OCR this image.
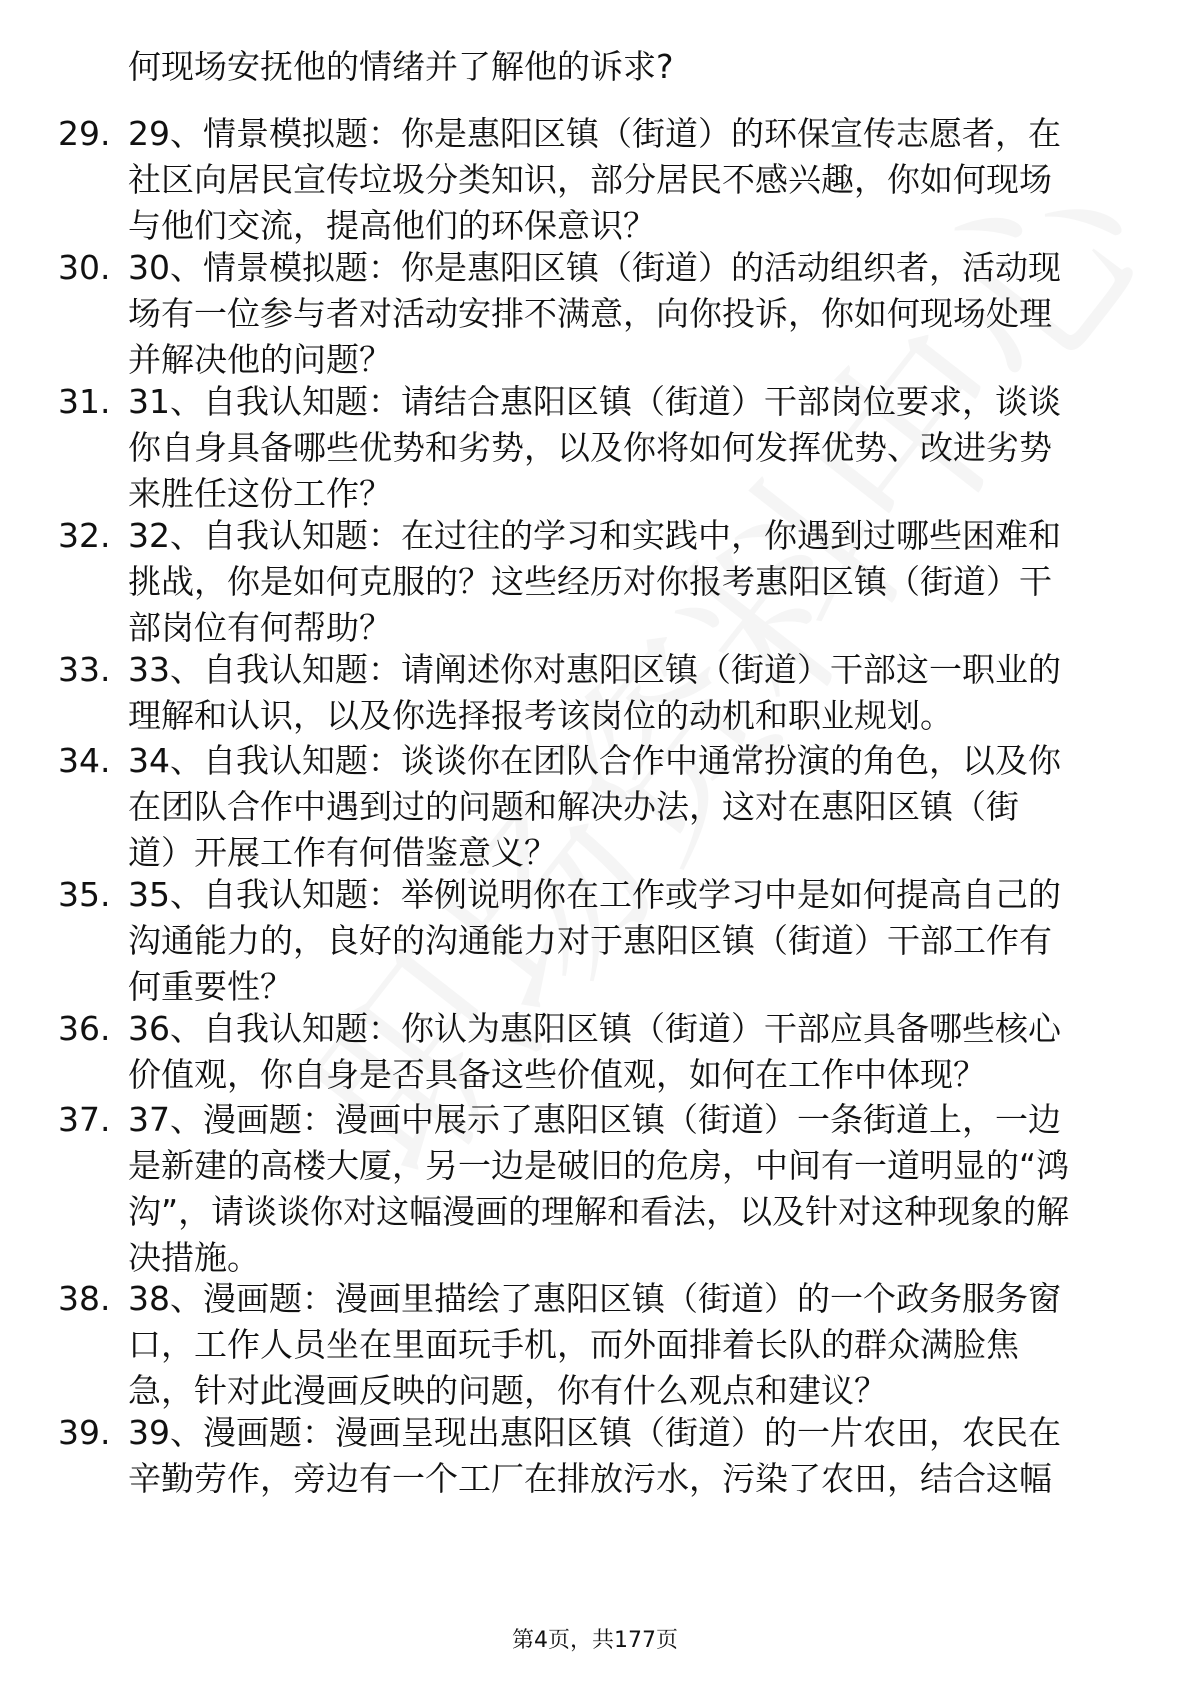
何现场安抚他的情绪并了解他的诉求?
29. 29、情景模拟题：你是惠阳区镇（街道）的环保宣传志愿者，在
社区向居民宣传垃圾分类知识，部分居民不感兴趣，你如何现场
与他们交流，提高他们的环保意识？
30. 30、情景模拟题：你是惠阳区镇（街道）的活动组织者，活动现
场有一位参与者对活动安排不满意，向你投诉，你如何现场处理
并解决他的问题？
31. 31、自我认知题：请结合惠阳区镇（街道）干部岗位要求，谈谈
你自身具备哪些优势和劣势，以及你将如何发挥优势、改进劣势
来胜任这份工作？
32. 32、自我认知题：在过往的学习和实践中，你遇到过哪些困难和
挑战，你是如何克服的？这些经历对你报考惠阳区镇（街道）干
部岗位有何帮助？
33. 33、自我认知题：请阐述你对惠阳区镇（街道）干部这一职业的
理解和认识，以及你选择报考该岗位的动机和职业规划。
34. 34、自我认知题：谈谈你在团队合作中通常扮演的角色，以及你
在团队合作中遇到过的问题和解决办法，这对在惠阳区镇（街
道）开展工作有何借鉴意义？
35. 35、自我认知题：举例说明你在工作或学习中是如何提高自己的
沟通能力的，良好的沟通能力对于惠阳区镇（街道）干部工作有
何重要性？
36. 36、自我认知题：你认为惠阳区镇（街道）干部应具备哪些核心
价值观，你自身是否具备这些价值观，如何在工作中体现？
37. 37、漫画题：漫画中展示了惠阳区镇（街道）一条街道上，一边
是新建的高楼大厦，另一边是破旧的危房，中间有一道明显的“鸿
沟”，请谈谈你对这幅漫画的理解和看法，以及针对这种现象的解
决措施。
38. 38、漫画题：漫画里描绘了惠阳区镇（街道）的一个政务服务窗
口，工作人员坐在里面玩手机，而外面排着长队的群众满脸焦
急，针对此漫画反映的问题，你有什么观点和建议？
39. 39、漫画题：漫画呈现出惠阳区镇（街道）的一片农田，农民在
辛勤劳作，旁边有一个工厂在排放污水，污染了农田，结合这幅
第4页，共177页
